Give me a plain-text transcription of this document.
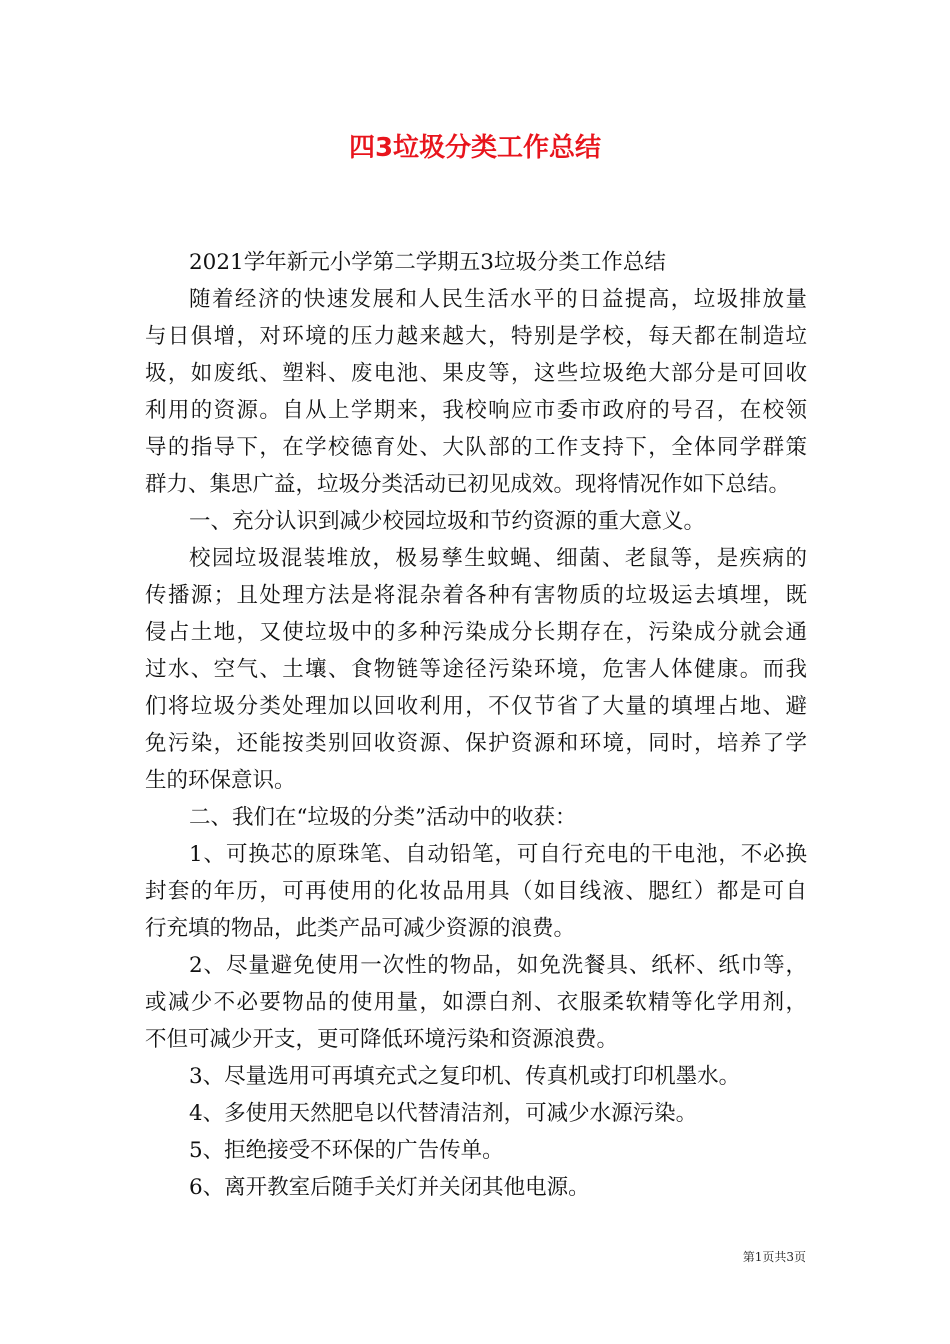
四3垃圾分类工作总结
2021学年新元小学第二学期五3垃圾分类工作总结
随着经济的快速发展和人民生活水平的日益提高，垃圾排放量
与日俱增，对环境的压力越来越大，特别是学校，每天都在制造垃
圾，如废纸、塑料、废电池、果皮等，这些垃圾绝大部分是可回收
利用的资源。自从上学期来，我校响应市委市政府的号召，在校领
导的指导下，在学校德育处、大队部的工作支持下，全体同学群策
群力、集思广益，垃圾分类活动已初见成效。现将情况作如下总结。
一、充分认识到减少校园垃圾和节约资源的重大意义。
校园垃圾混装堆放，极易孳生蚊蝇、细菌、老鼠等，是疾病的
传播源；且处理方法是将混杂着各种有害物质的垃圾运去填埋，既
侵占土地，又使垃圾中的多种污染成分长期存在，污染成分就会通
过水、空气、土壤、食物链等途径污染环境，危害人体健康。而我
们将垃圾分类处理加以回收利用，不仅节省了大量的填埋占地、避
免污染，还能按类别回收资源、保护资源和环境，同时，培养了学
生的环保意识。
二、我们在“垃圾的分类”活动中的收获：
1、可换芯的原珠笔、自动铅笔，可自行充电的干电池，不必换
封套的年历，可再使用的化妆品用具（如目线液、腮红）都是可自
行充填的物品，此类产品可减少资源的浪费。
2、尽量避免使用一次性的物品，如免洗餐具、纸杯、纸巾等，
或减少不必要物品的使用量，如漂白剂、衣服柔软精等化学用剂，
不但可减少开支，更可降低环境污染和资源浪费。
3、尽量选用可再填充式之复印机、传真机或打印机墨水。
4、多使用天然肥皂以代替清洁剂，可减少水源污染。
5、拒绝接受不环保的广告传单。
6、离开教室后随手关灯并关闭其他电源。
第1页共3页
